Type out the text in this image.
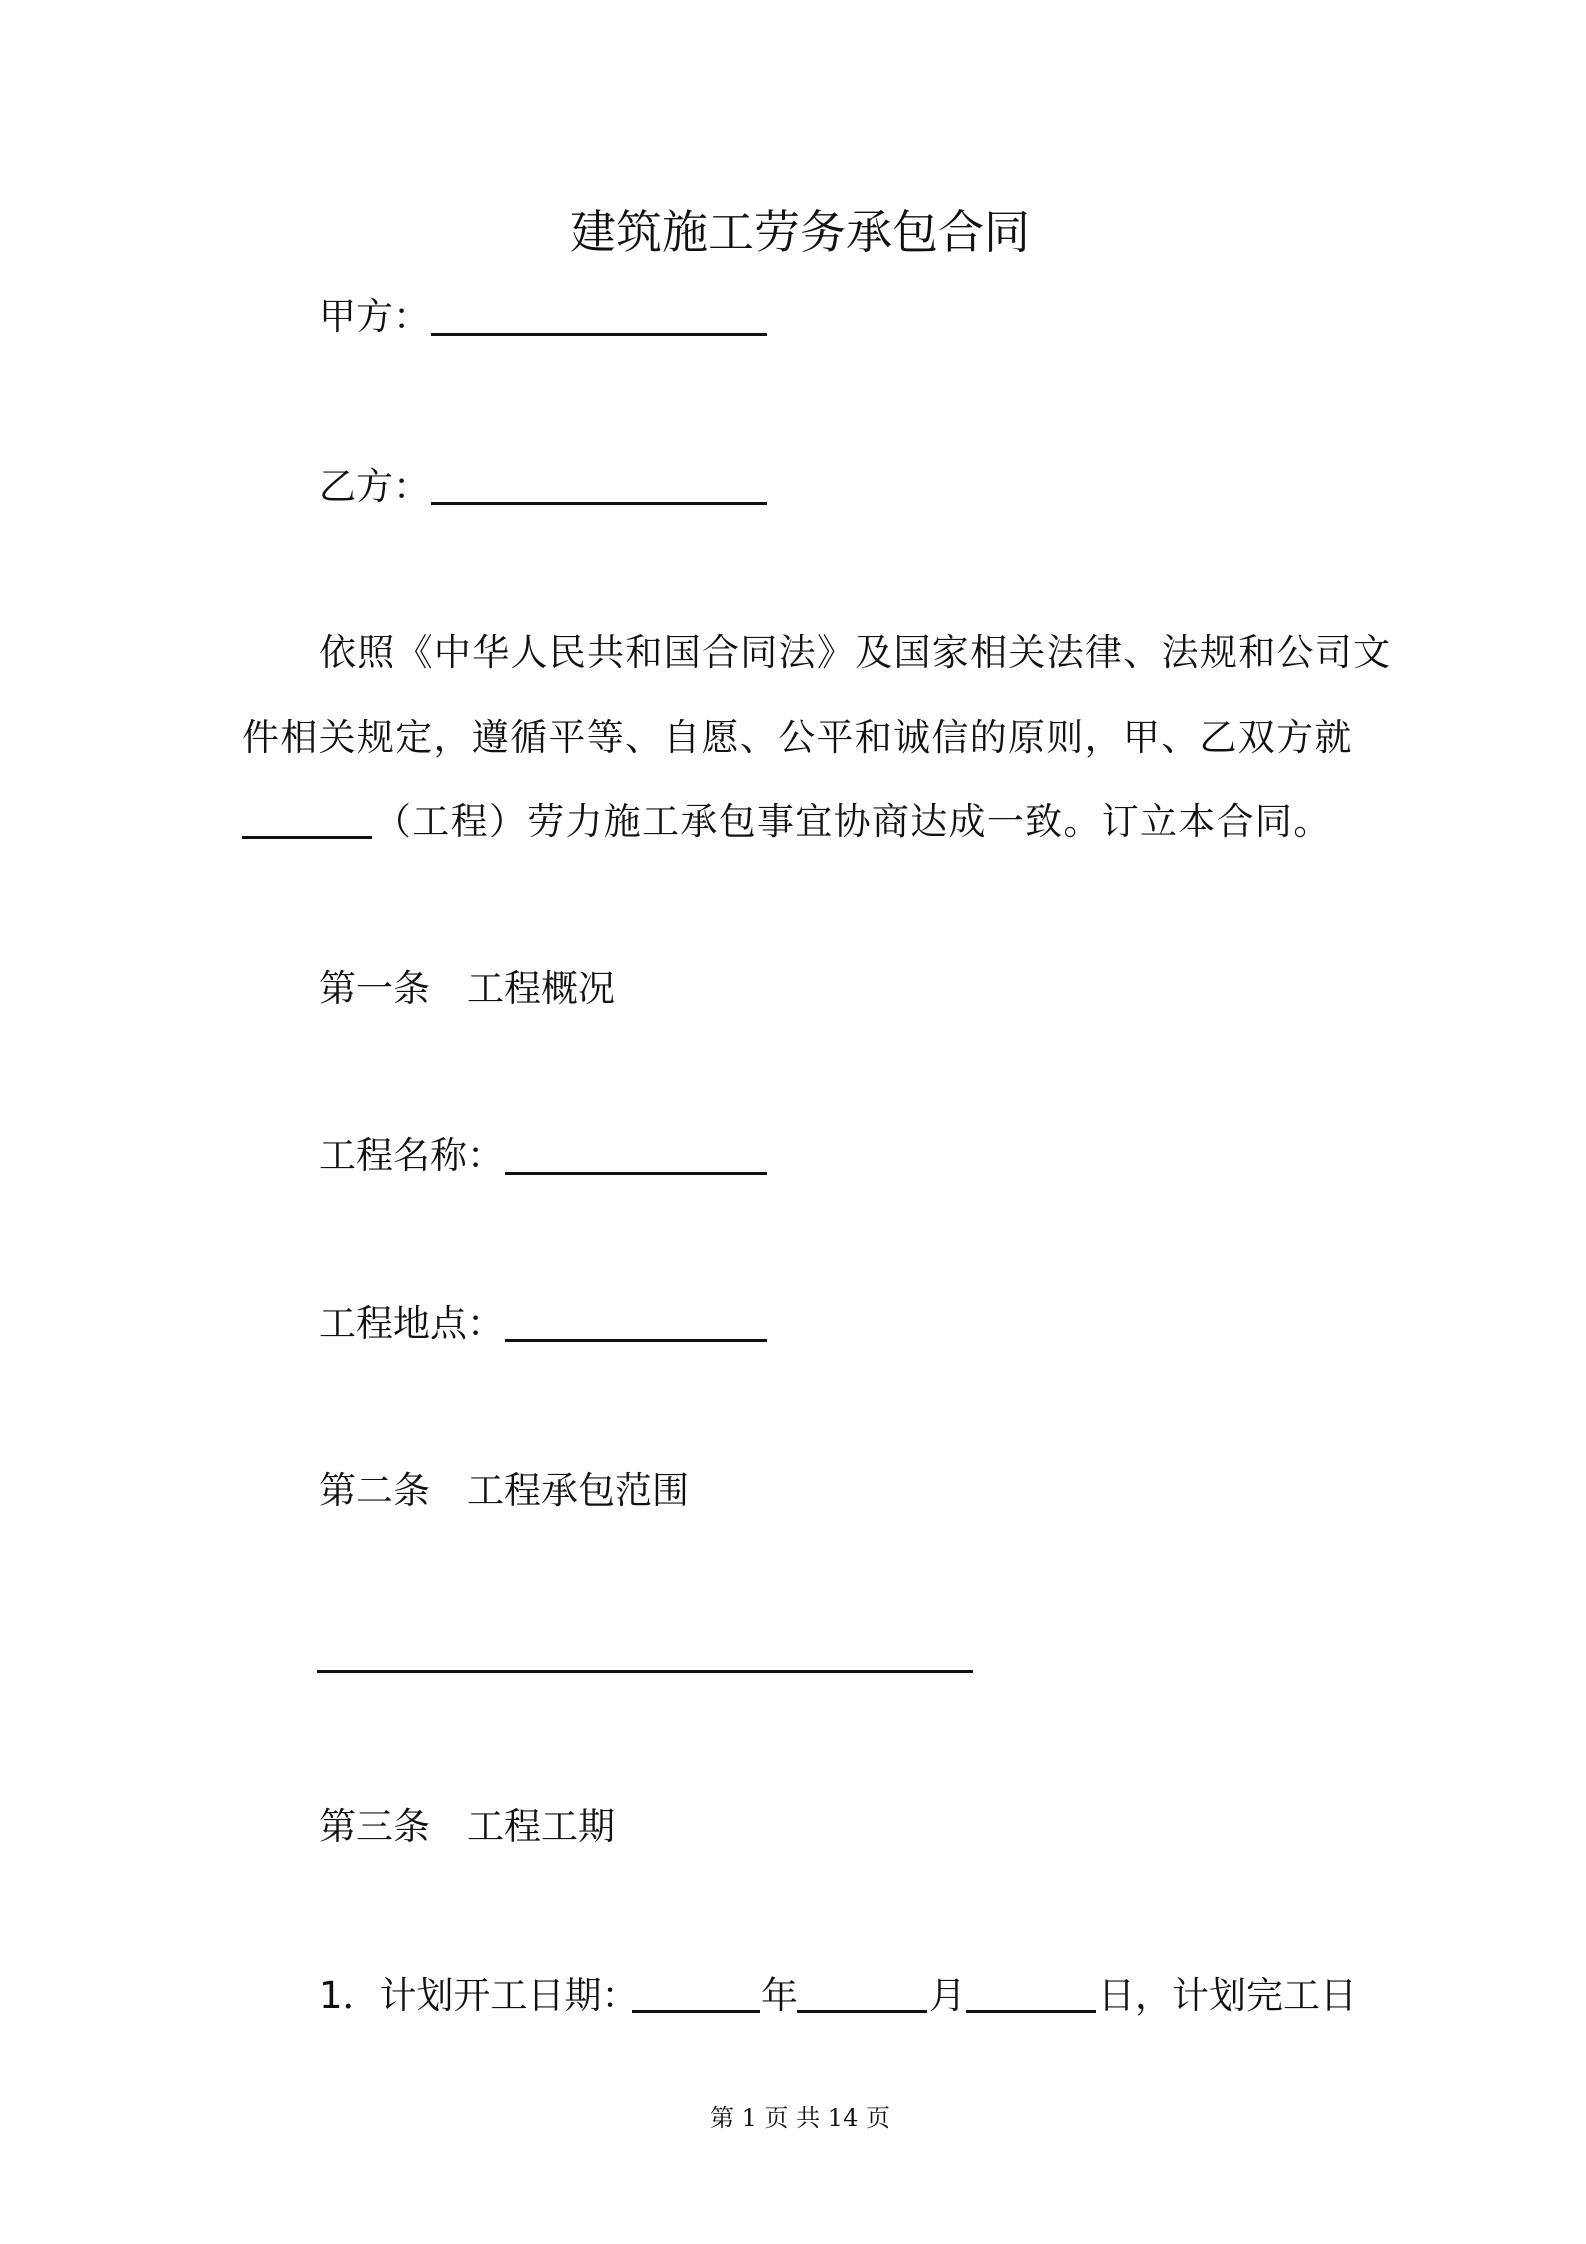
建筑施工劳务承包合同
甲方：
乙方：
依照《中华人民共和国合同法》及国家相关法律、法规和公司文
件相关规定，遵循平等、自愿、公平和诚信的原则，甲、乙双方就
（工程）劳力施工承包事宜协商达成一致。订立本合同。
第一条　工程概况
工程名称：
工程地点：
第二条　工程承包范围
第三条　工程工期
1．计划开工日期：	年	月	日，计划完工日
第 1 页 共 14 页
